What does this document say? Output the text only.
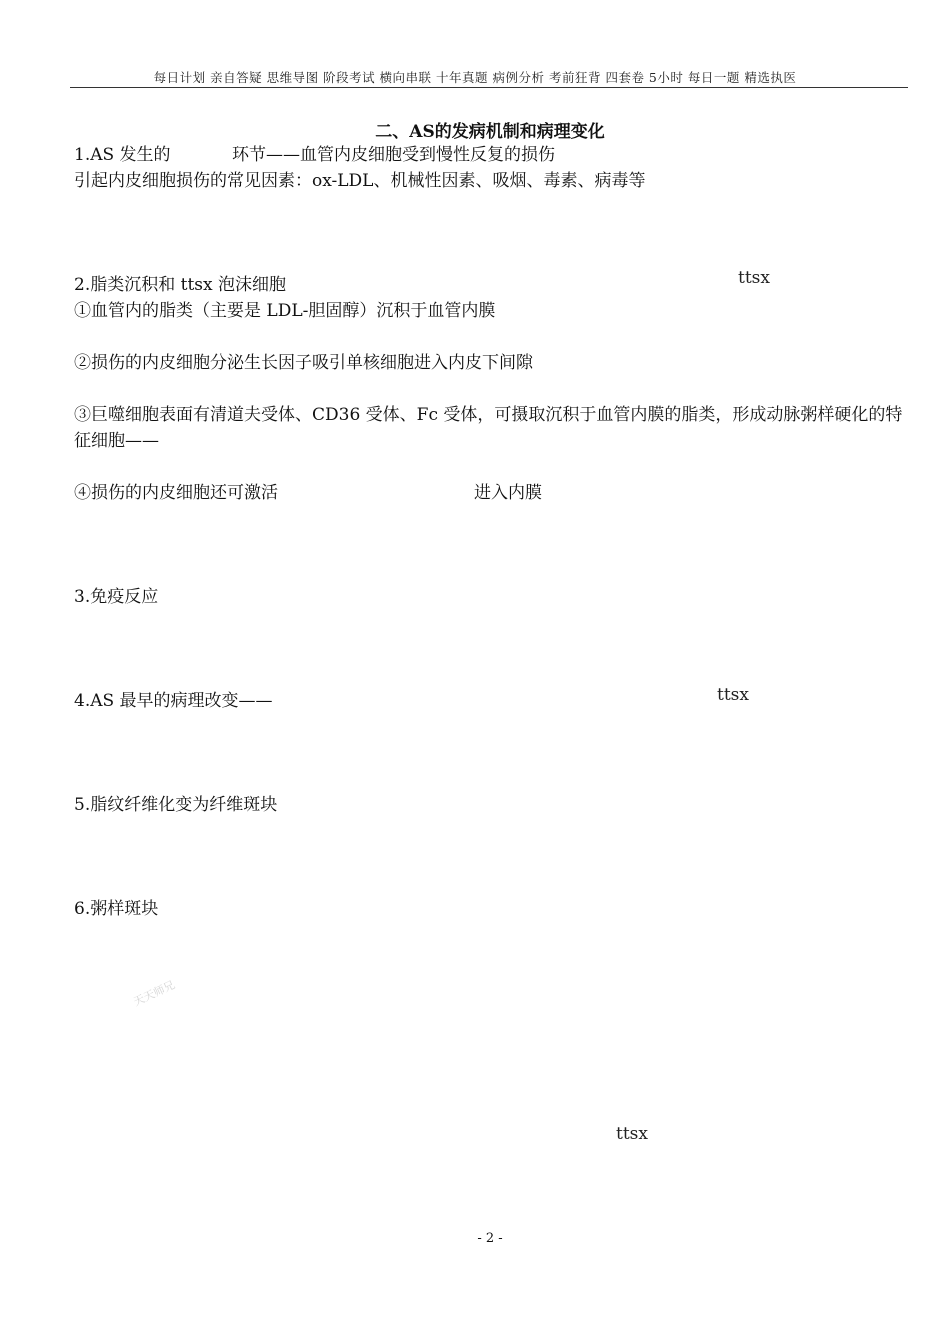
每日计划 亲自答疑 思维导图 阶段考试 横向串联 十年真题 病例分析 考前狂背 四套卷 5小时 每日一题 精选执医
二、AS的发病机制和病理变化
1.AS 发生的	环节——血管内皮细胞受到慢性反复的损伤
引起内皮细胞损伤的常见因素：ox-LDL、机械性因素、吸烟、毒素、病毒等
2.脂类沉积和 ttsx 泡沫细胞	ttsx
①血管内的脂类（主要是 LDL-胆固醇）沉积于血管内膜
②损伤的内皮细胞分泌生长因子吸引单核细胞进入内皮下间隙
③巨噬细胞表面有清道夫受体、CD36 受体、Fc 受体，可摄取沉积于血管内膜的脂类，形成动脉粥样硬化的特征细胞——
④损伤的内皮细胞还可激活	进入内膜
3.免疫反应
4.AS 最早的病理改变——	ttsx
5.脂纹纤维化变为纤维斑块
6.粥样斑块
天天师兄
ttsx
- 2 -
